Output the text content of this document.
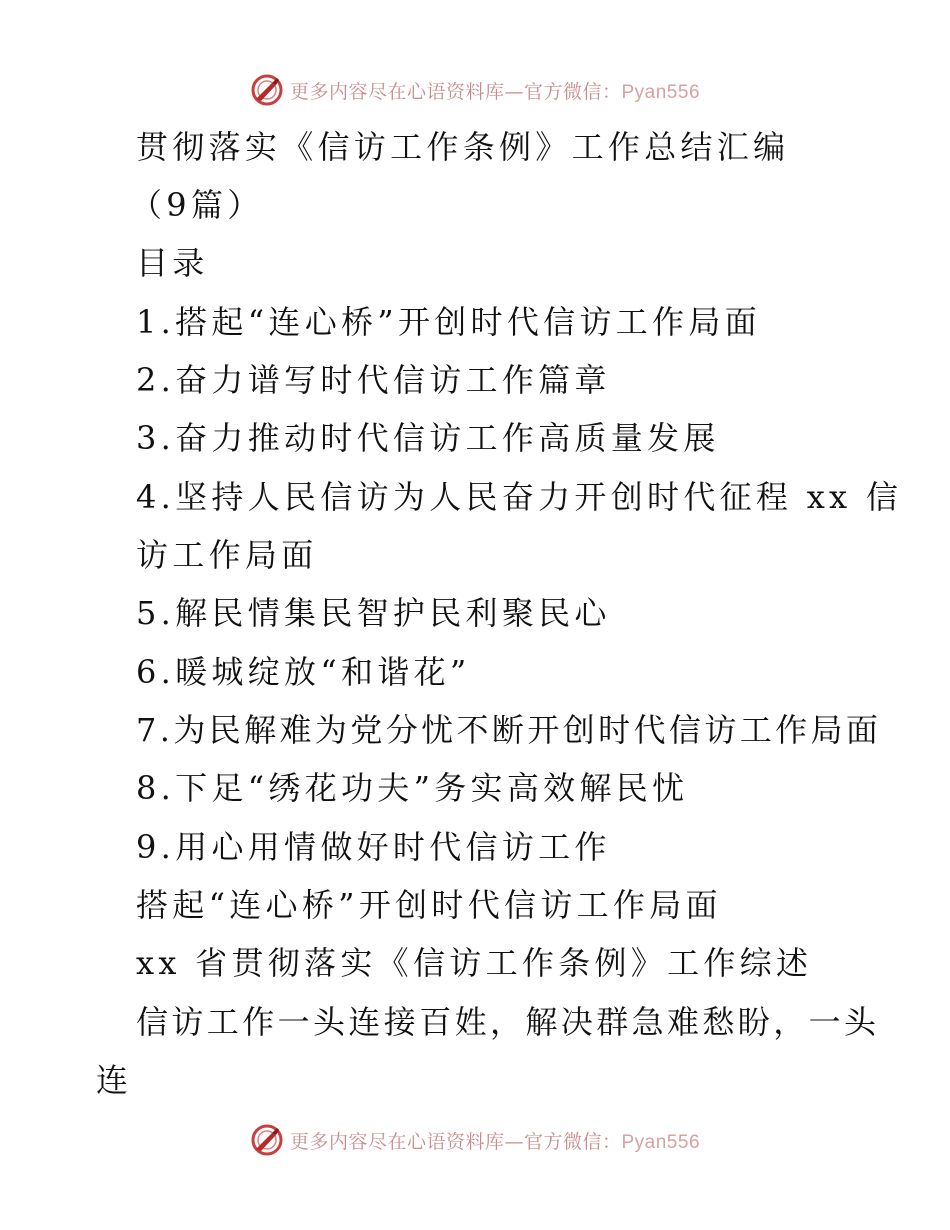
更多内容尽在心语资料库—官方微信：Pyan556
贯彻落实《信访工作条例》工作总结汇编
（9篇）
目录
1.搭起“连心桥”开创时代信访工作局面
2.奋力谱写时代信访工作篇章
3.奋力推动时代信访工作高质量发展
4.坚持人民信访为人民奋力开创时代征程 xx 信
访工作局面
5.解民情集民智护民利聚民心
6.暖城绽放“和谐花”
7.为民解难为党分忧不断开创时代信访工作局面
8.下足“绣花功夫”务实高效解民忧
9.用心用情做好时代信访工作
搭起“连心桥”开创时代信访工作局面
xx 省贯彻落实《信访工作条例》工作综述
信访工作一头连接百姓，解决群急难愁盼，一头
连
更多内容尽在心语资料库—官方微信：Pyan556
